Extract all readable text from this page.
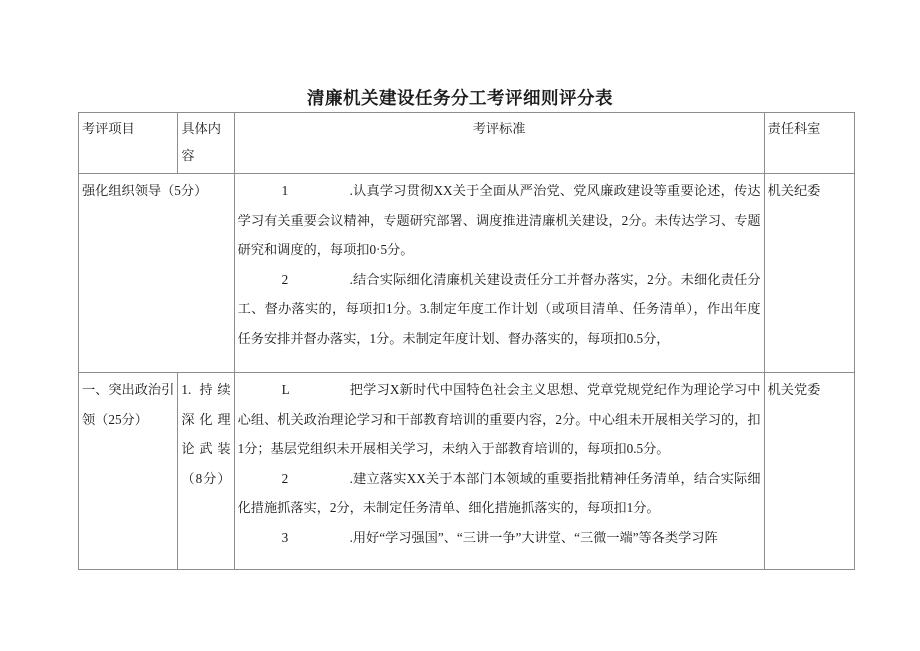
清廉机关建设任务分工考评细则评分表
考评项目	具体内容	考评标准	责任科室

强化组织领导（5分）		1 .认真学习贯彻XX关于全面从严治党、党风廉政建设等重要论述，传达学习有关重要会议精神，专题研究部署、调度推进清廉机关建设，2分。未传达学习、专题研究和调度的，每项扣0·5分。

2 .结合实际细化清廉机关建设责任分工并督办落实，2分。未细化责任分工、督办落实的，每项扣1分。3.制定年度工作计划（或项目清单、任务清单），作出年度任务安排并督办落实，1分。未制定年度计划、督办落实的，每项扣0.5分，	机关纪委

一、突出政治引领（25分）	1. 持续深化理论武装（8分）	L 把学习X新时代中国特色社会主义思想、党章党规党纪作为理论学习中心组、机关政治理论学习和干部教育培训的重要内容，2分。中心组未开展相关学习的，扣1分；基层党组织未开展相关学习，未纳入于部教育培训的，每项扣0.5分。

2 .建立落实XX关于本部门本领域的重要指批精神任务清单，结合实际细化措施抓落实，2分，未制定任务清单、细化措施抓落实的，每项扣1分。

3 .用好“学习强国”、“三讲一争”大讲堂、“三微一端”等各类学习阵	机关党委
